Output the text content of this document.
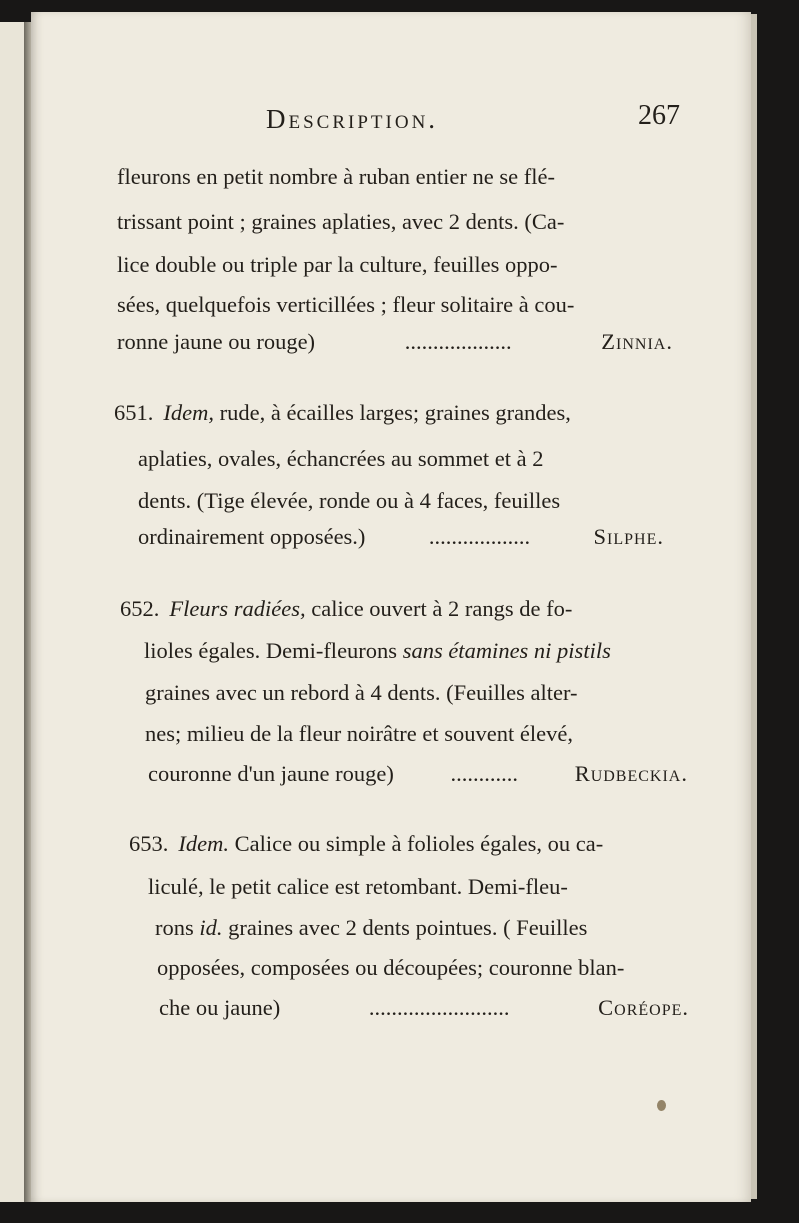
Description.	267
fleurons en petit nombre à ruban entier ne se flé-
trissant point ; graines aplaties, avec 2 dents. (Ca-
lice double ou triple par la culture, feuilles oppo-
sées, quelquefois verticillées ; fleur solitaire à cou-
ronne jaune ou rouge)	...................	Zinnia.
651. Idem, rude, à écailles larges; graines grandes,
aplaties, ovales, échancrées au sommet et à 2
dents. (Tige élevée, ronde ou à 4 faces, feuilles
ordinairement opposées.)	..................	Silphe.
652. Fleurs radiées, calice ouvert à 2 rangs de fo-
lioles égales. Demi-fleurons sans étamines ni pistils
graines avec un rebord à 4 dents. (Feuilles alter-
nes; milieu de la fleur noirâtre et souvent élevé,
couronne d'un jaune rouge)	............	Rudbeckia.
653. Idem. Calice ou simple à folioles égales, ou ca-
liculé, le petit calice est retombant. Demi-fleu-
rons id. graines avec 2 dents pointues. ( Feuilles
opposées, composées ou découpées; couronne blan-
che ou jaune)	.........................	Coréope.
